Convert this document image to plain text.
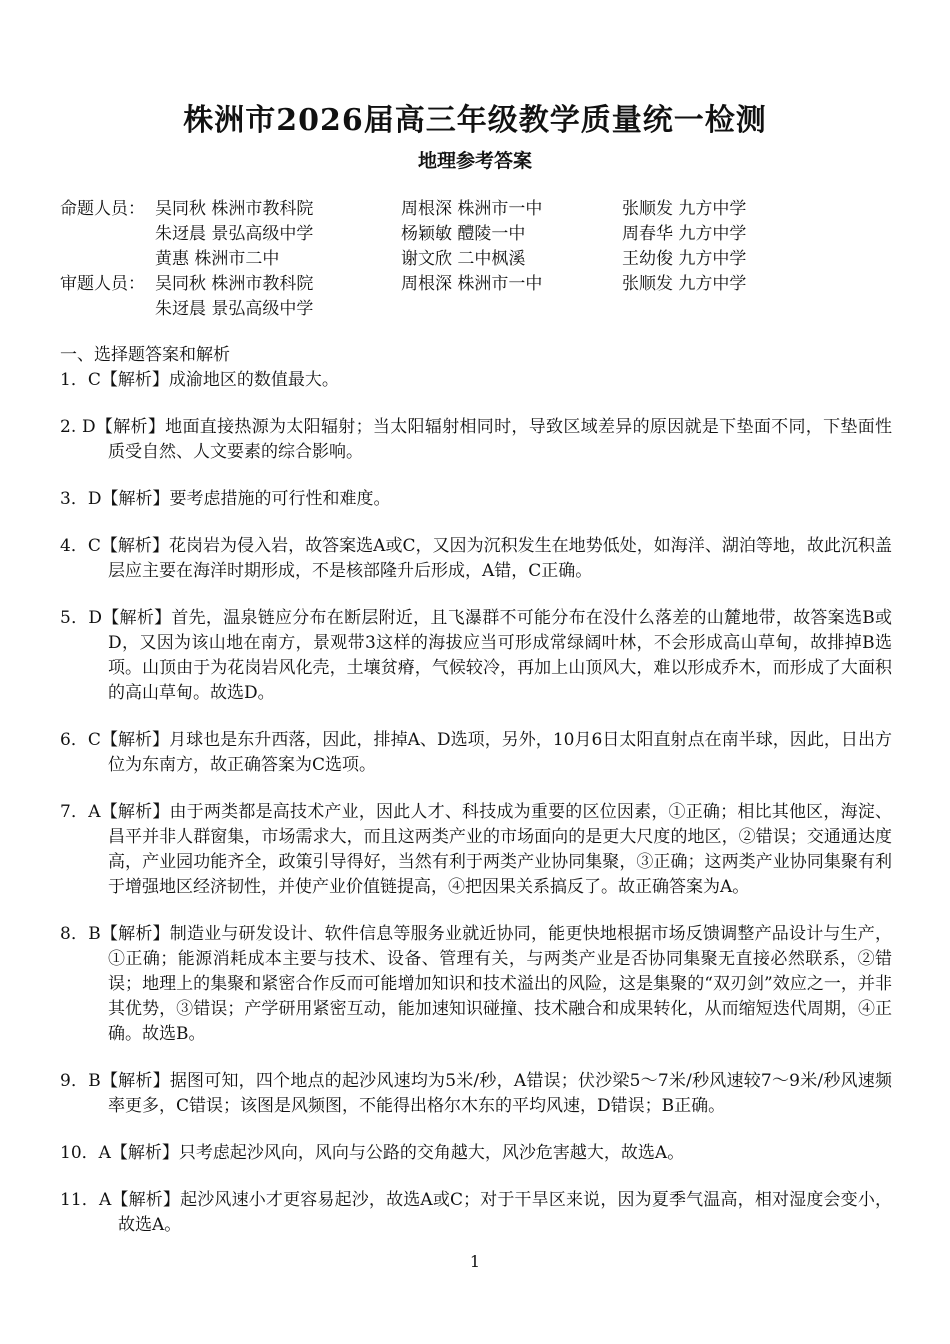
株洲市2026届高三年级教学质量统一检测
地理参考答案
命题人员： 吴同秋 株洲市教科院	周根深 株洲市一中	张顺发 九方中学
朱迓晨 景弘高级中学	杨颖敏 醴陵一中	周春华 九方中学
黄惠 株洲市二中	谢文欣 二中枫溪	王幼俊 九方中学
审题人员： 吴同秋 株洲市教科院	周根深 株洲市一中	张顺发 九方中学
朱迓晨 景弘高级中学
一、选择题答案和解析
1．C【解析】成渝地区的数值最大。
2. D【解析】地面直接热源为太阳辐射；当太阳辐射相同时，导致区域差异的原因就是下垫面不同，下垫面性质受自然、人文要素的综合影响。
3．D【解析】要考虑措施的可行性和难度。
4．C【解析】花岗岩为侵入岩，故答案选A或C，又因为沉积发生在地势低处，如海洋、湖泊等地，故此沉积盖层应主要在海洋时期形成，不是核部隆升后形成，A错，C正确。
5．D【解析】首先，温泉链应分布在断层附近，且飞瀑群不可能分布在没什么落差的山麓地带，故答案选B或D，又因为该山地在南方，景观带3这样的海拔应当可形成常绿阔叶林，不会形成高山草甸，故排掉B选项。山顶由于为花岗岩风化壳，土壤贫瘠，气候较冷，再加上山顶风大，难以形成乔木，而形成了大面积的高山草甸。故选D。
6．C【解析】月球也是东升西落，因此，排掉A、D选项，另外，10月6日太阳直射点在南半球，因此，日出方位为东南方，故正确答案为C选项。
7．A【解析】由于两类都是高技术产业，因此人才、科技成为重要的区位因素，①正确；相比其他区，海淀、昌平并非人群窗集，市场需求大，而且这两类产业的市场面向的是更大尺度的地区，②错误；交通通达度高，产业园功能齐全，政策引导得好，当然有利于两类产业协同集聚，③正确；这两类产业协同集聚有利于增强地区经济韧性，并使产业价值链提高，④把因果关系搞反了。故正确答案为A。
8．B【解析】制造业与研发设计、软件信息等服务业就近协同，能更快地根据市场反馈调整产品设计与生产，①正确；能源消耗成本主要与技术、设备、管理有关，与两类产业是否协同集聚无直接必然联系，②错误；地理上的集聚和紧密合作反而可能增加知识和技术溢出的风险，这是集聚的“双刃剑”效应之一，并非其优势，③错误；产学研用紧密互动，能加速知识碰撞、技术融合和成果转化，从而缩短迭代周期，④正确。故选B。
9．B【解析】据图可知，四个地点的起沙风速均为5米/秒，A错误；伏沙梁5～7米/秒风速较7～9米/秒风速频率更多，C错误；该图是风频图，不能得出格尔木东的平均风速，D错误；B正确。
10．A【解析】只考虑起沙风向，风向与公路的交角越大，风沙危害越大，故选A。
11．A【解析】起沙风速小才更容易起沙，故选A或C；对于干旱区来说，因为夏季气温高，相对湿度会变小，故选A。
1
